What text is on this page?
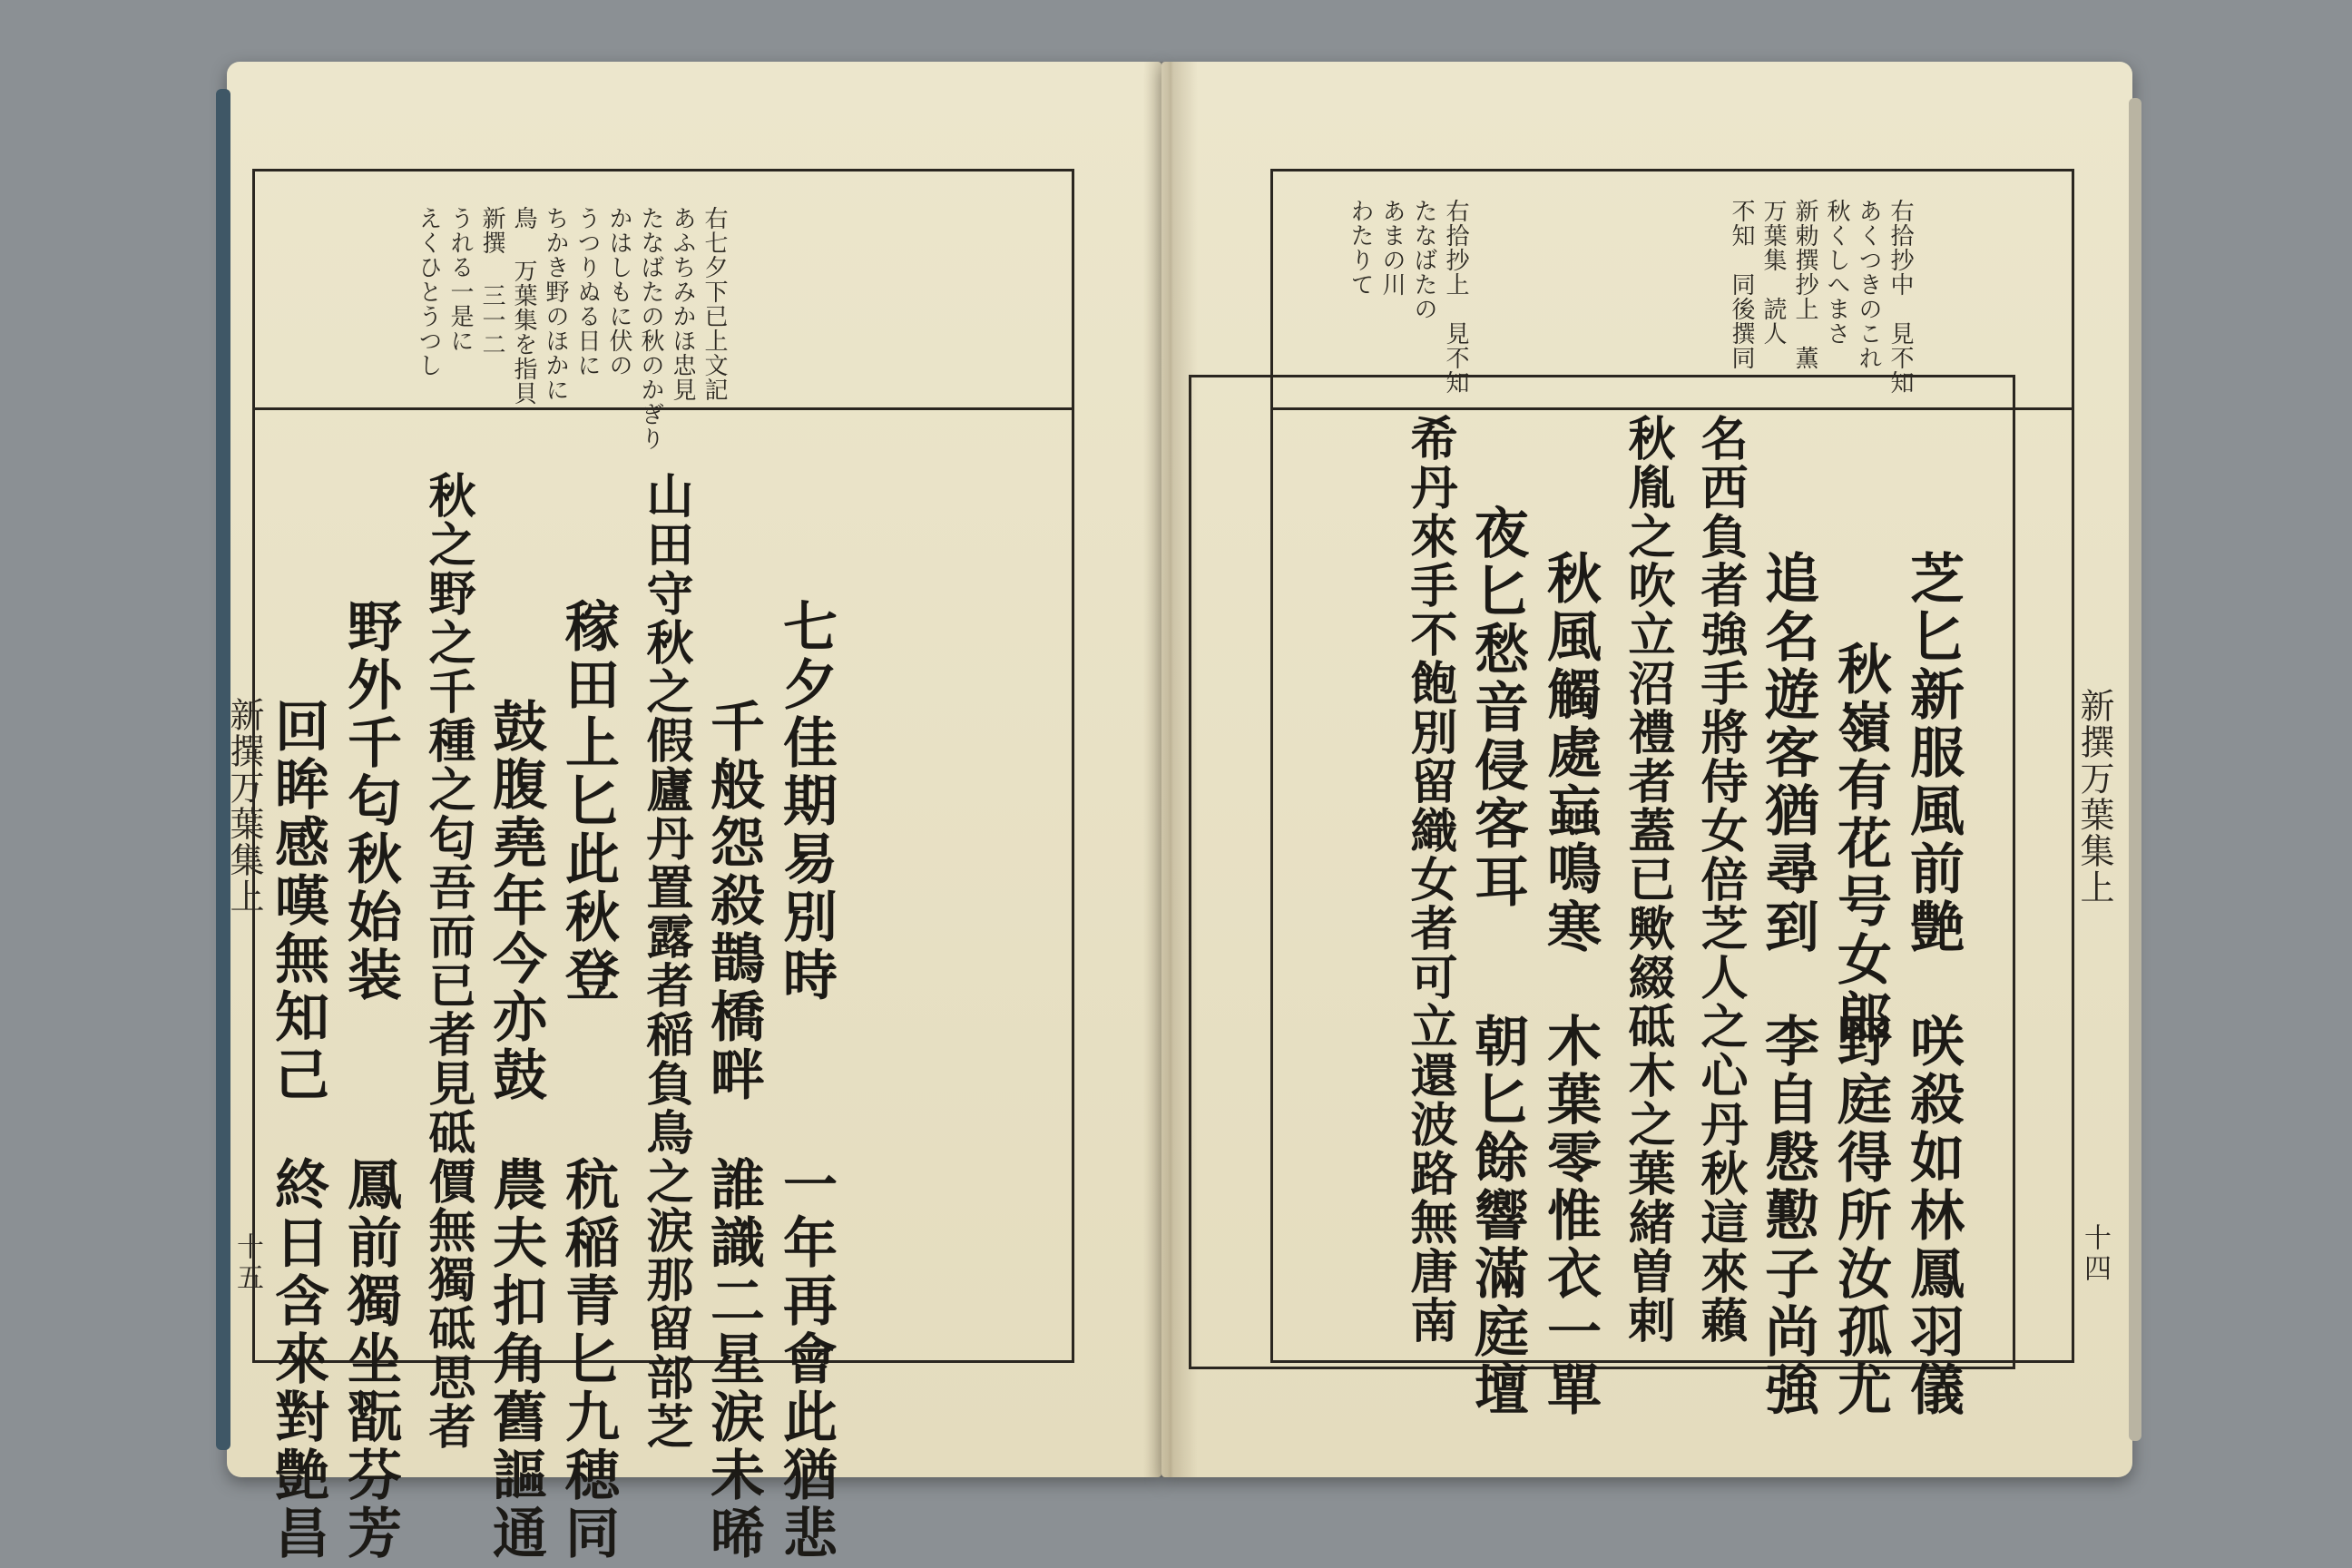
右七夕下已上文記
あふちみかほ忠見
たなばたの秋のかぎり
かはしもに伏の
うつりぬる日に
ちかき野のほかに
鳥 万葉集を指貝
新撰 三一二
うれる一是に
えくひとうつし
七夕佳期易別時
一年再會此猶悲
千般怨殺鵲橋畔
誰識二星涙未晞
山田守秋之假廬丹置露者稲負鳥之涙那留部芝
稼田上匕此秋登
秔稲青匕九穂同
鼓腹堯年今亦鼓
農夫扣角舊謳通
秋之野之千種之匂吾而已者見砥價無獨砥思者
野外千匂秋始装
鳳前獨坐翫芬芳
回眸感嘆無知己
終日含來對艶昌
新撰万葉集上
十五
右拾抄中　見不知
あくつきのこれ
秋くしへまさ
新勅撰抄上　薫
万葉集　読人
不知　同後撰同
右拾抄上　見不知
たなばたの
あまの川
わたりて
芝匕新服風前艶
咲殺如林鳳羽儀
秋嶺有花号女郎
野庭得所汝孤尤
追名遊客猶尋到
李自慇懃子尚強
名西負者強手將侍女倍芝人之心丹秋這來藾
秋胤之吹立沼禮者蓋已歟綴砥木之葉緒曽剌
秋風觸處蝱鳴寒
木葉零惟衣一單
夜匕愁音侵客耳
朝匕餘響滿庭壇
希丹來手不飽別留織女者可立還波路無唐南	新撰万葉集上
十四
